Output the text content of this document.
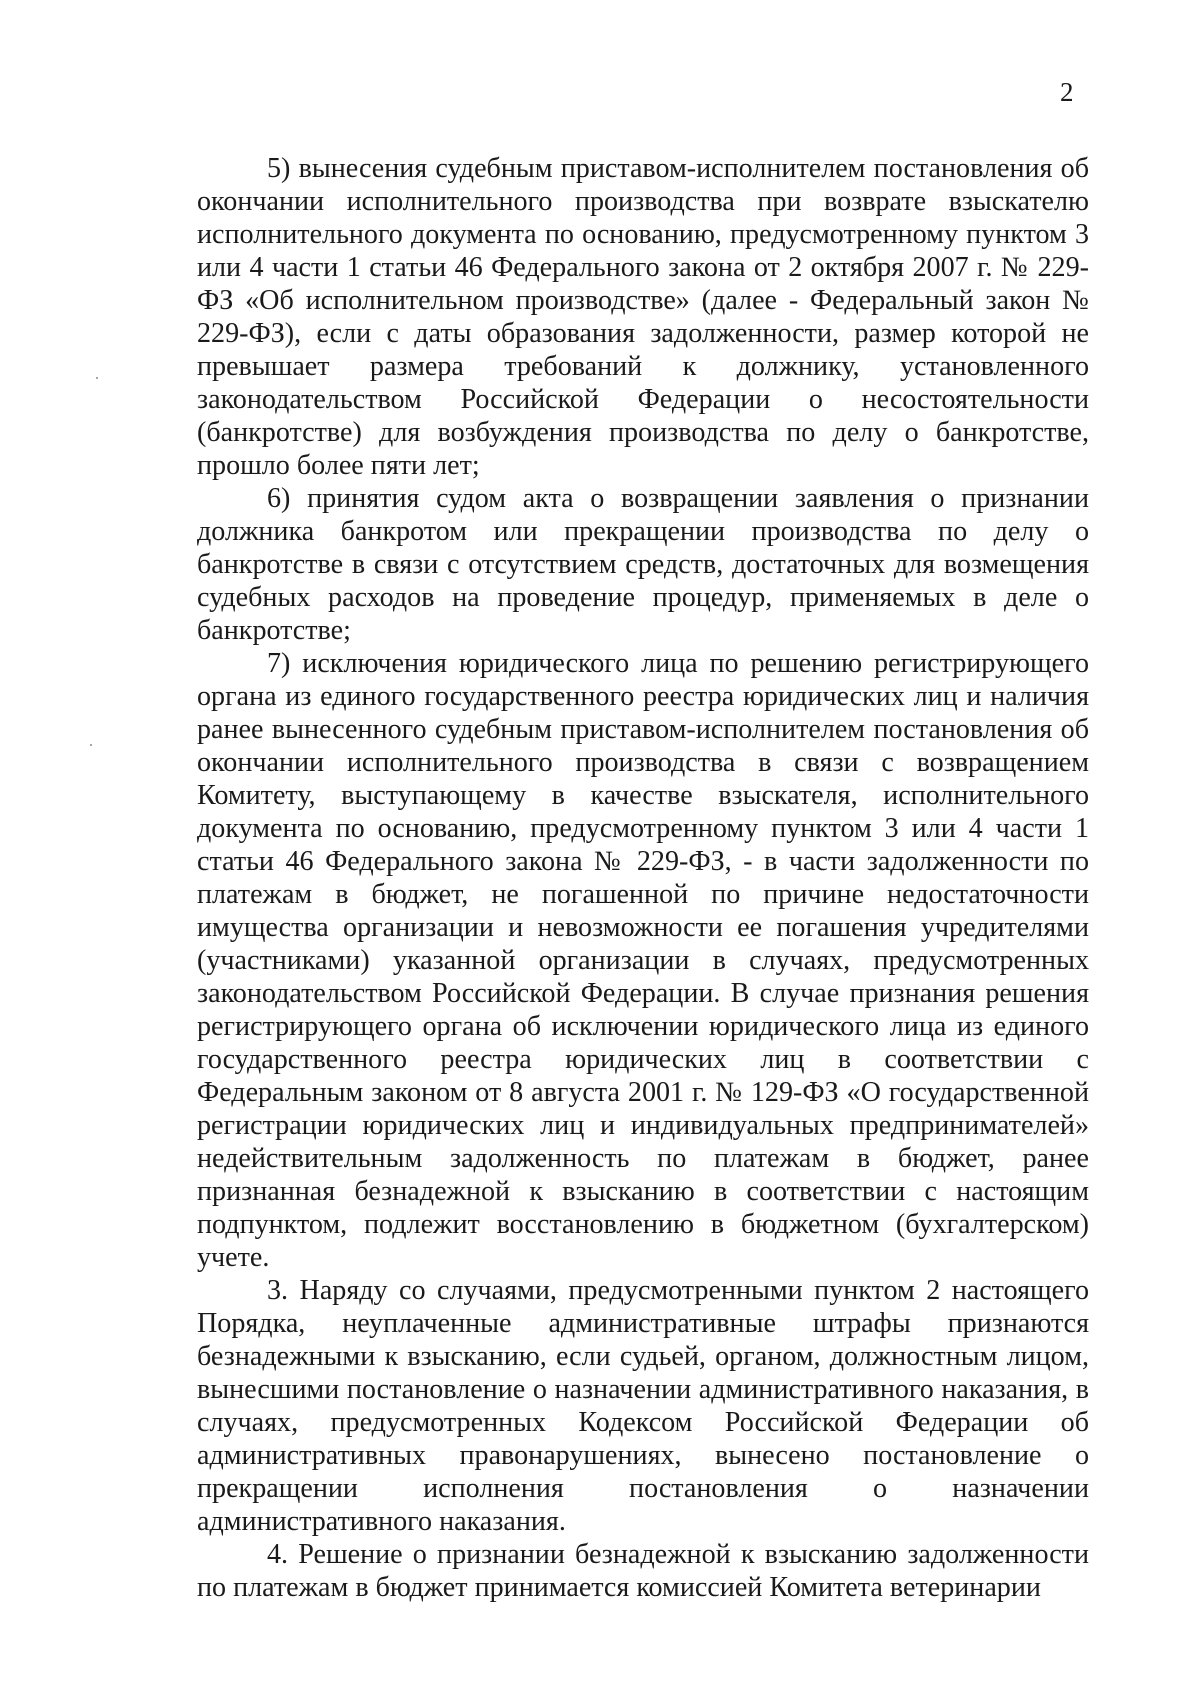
2

5) вынесения судебным приставом-исполнителем постановления об окончании исполнительного производства при возврате взыскателю исполнительного документа по основанию, предусмотренному пунктом 3 или 4 части 1 статьи 46 Федерального закона от 2 октября 2007 г. № 229-ФЗ «Об исполнительном производстве» (далее - Федеральный закон № 229-ФЗ), если с даты образования задолженности, размер которой не превышает размера требований к должнику, установленного законодательством Российской Федерации о несостоятельности (банкротстве) для возбуждения производства по делу о банкротстве, прошло более пяти лет;

6) принятия судом акта о возвращении заявления о признании должника банкротом или прекращении производства по делу о банкротстве в связи с отсутствием средств, достаточных для возмещения судебных расходов на проведение процедур, применяемых в деле о банкротстве;

7) исключения юридического лица по решению регистрирующего органа из единого государственного реестра юридических лиц и наличия ранее вынесенного судебным приставом-исполнителем постановления об окончании исполнительного производства в связи с возвращением Комитету, выступающему в качестве взыскателя, исполнительного документа по основанию, предусмотренному пунктом 3 или 4 части 1 статьи 46 Федерального закона № 229-ФЗ, - в части задолженности по платежам в бюджет, не погашенной по причине недостаточности имущества организации и невозможности ее погашения учредителями (участниками) указанной организации в случаях, предусмотренных законодательством Российской Федерации. В случае признания решения регистрирующего органа об исключении юридического лица из единого государственного реестра юридических лиц в соответствии с Федеральным законом от 8 августа 2001 г. № 129-ФЗ «О государственной регистрации юридических лиц и индивидуальных предпринимателей» недействительным задолженность по платежам в бюджет, ранее признанная безнадежной к взысканию в соответствии с настоящим подпунктом, подлежит восстановлению в бюджетном (бухгалтерском) учете.

3. Наряду со случаями, предусмотренными пунктом 2 настоящего Порядка, неуплаченные административные штрафы признаются безнадежными к взысканию, если судьей, органом, должностным лицом, вынесшими постановление о назначении административного наказания, в случаях, предусмотренных Кодексом Российской Федерации об административных правонарушениях, вынесено постановление о прекращении исполнения постановления о назначении административного наказания.

4. Решение о признании безнадежной к взысканию задолженности по платежам в бюджет принимается комиссией Комитета ветеринарии
